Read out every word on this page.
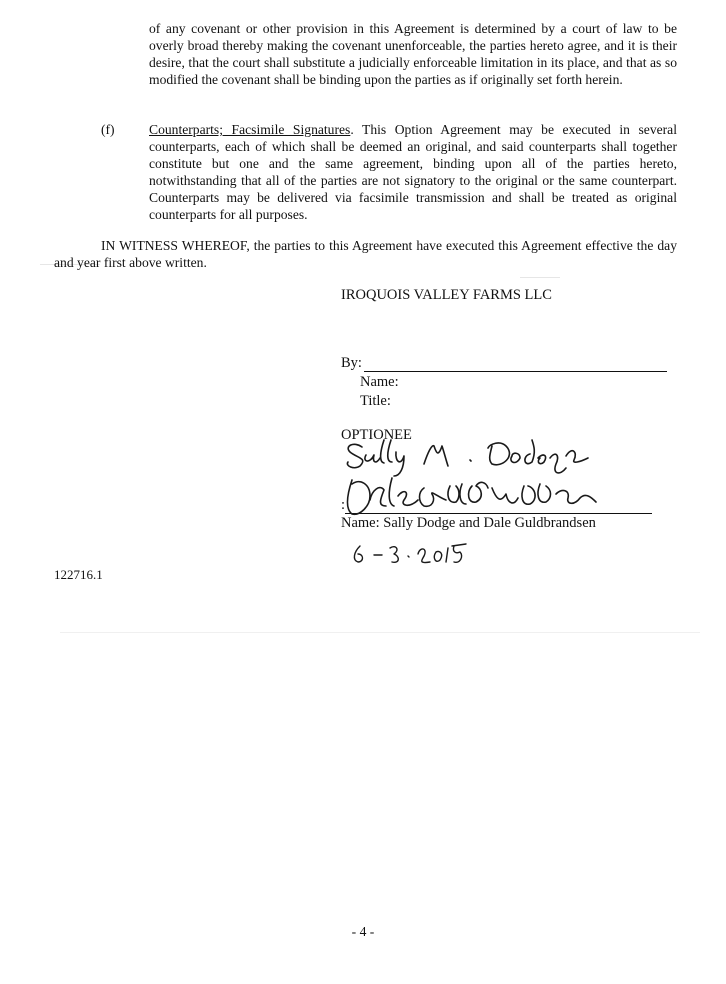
of any covenant or other provision in this Agreement is determined by a court of law to be overly broad thereby making the covenant unenforceable, the parties hereto agree, and it is their desire, that the court shall substitute a judicially enforceable limitation in its place, and that as so modified the covenant shall be binding upon the parties as if originally set forth herein.
(f)	Counterparts; Facsimile Signatures. This Option Agreement may be executed in several counterparts, each of which shall be deemed an original, and said counterparts shall together constitute but one and the same agreement, binding upon all of the parties hereto, notwithstanding that all of the parties are not signatory to the original or the same counterpart. Counterparts may be delivered via facsimile transmission and shall be treated as original counterparts for all purposes.
IN WITNESS WHEREOF, the parties to this Agreement have executed this Agreement effective the day and year first above written.
IROQUOIS VALLEY FARMS LLC
By:
Name:
Title:
OPTIONEE
:
Name: Sally Dodge and Dale Guldbrandsen
122716.1
- 4 -
